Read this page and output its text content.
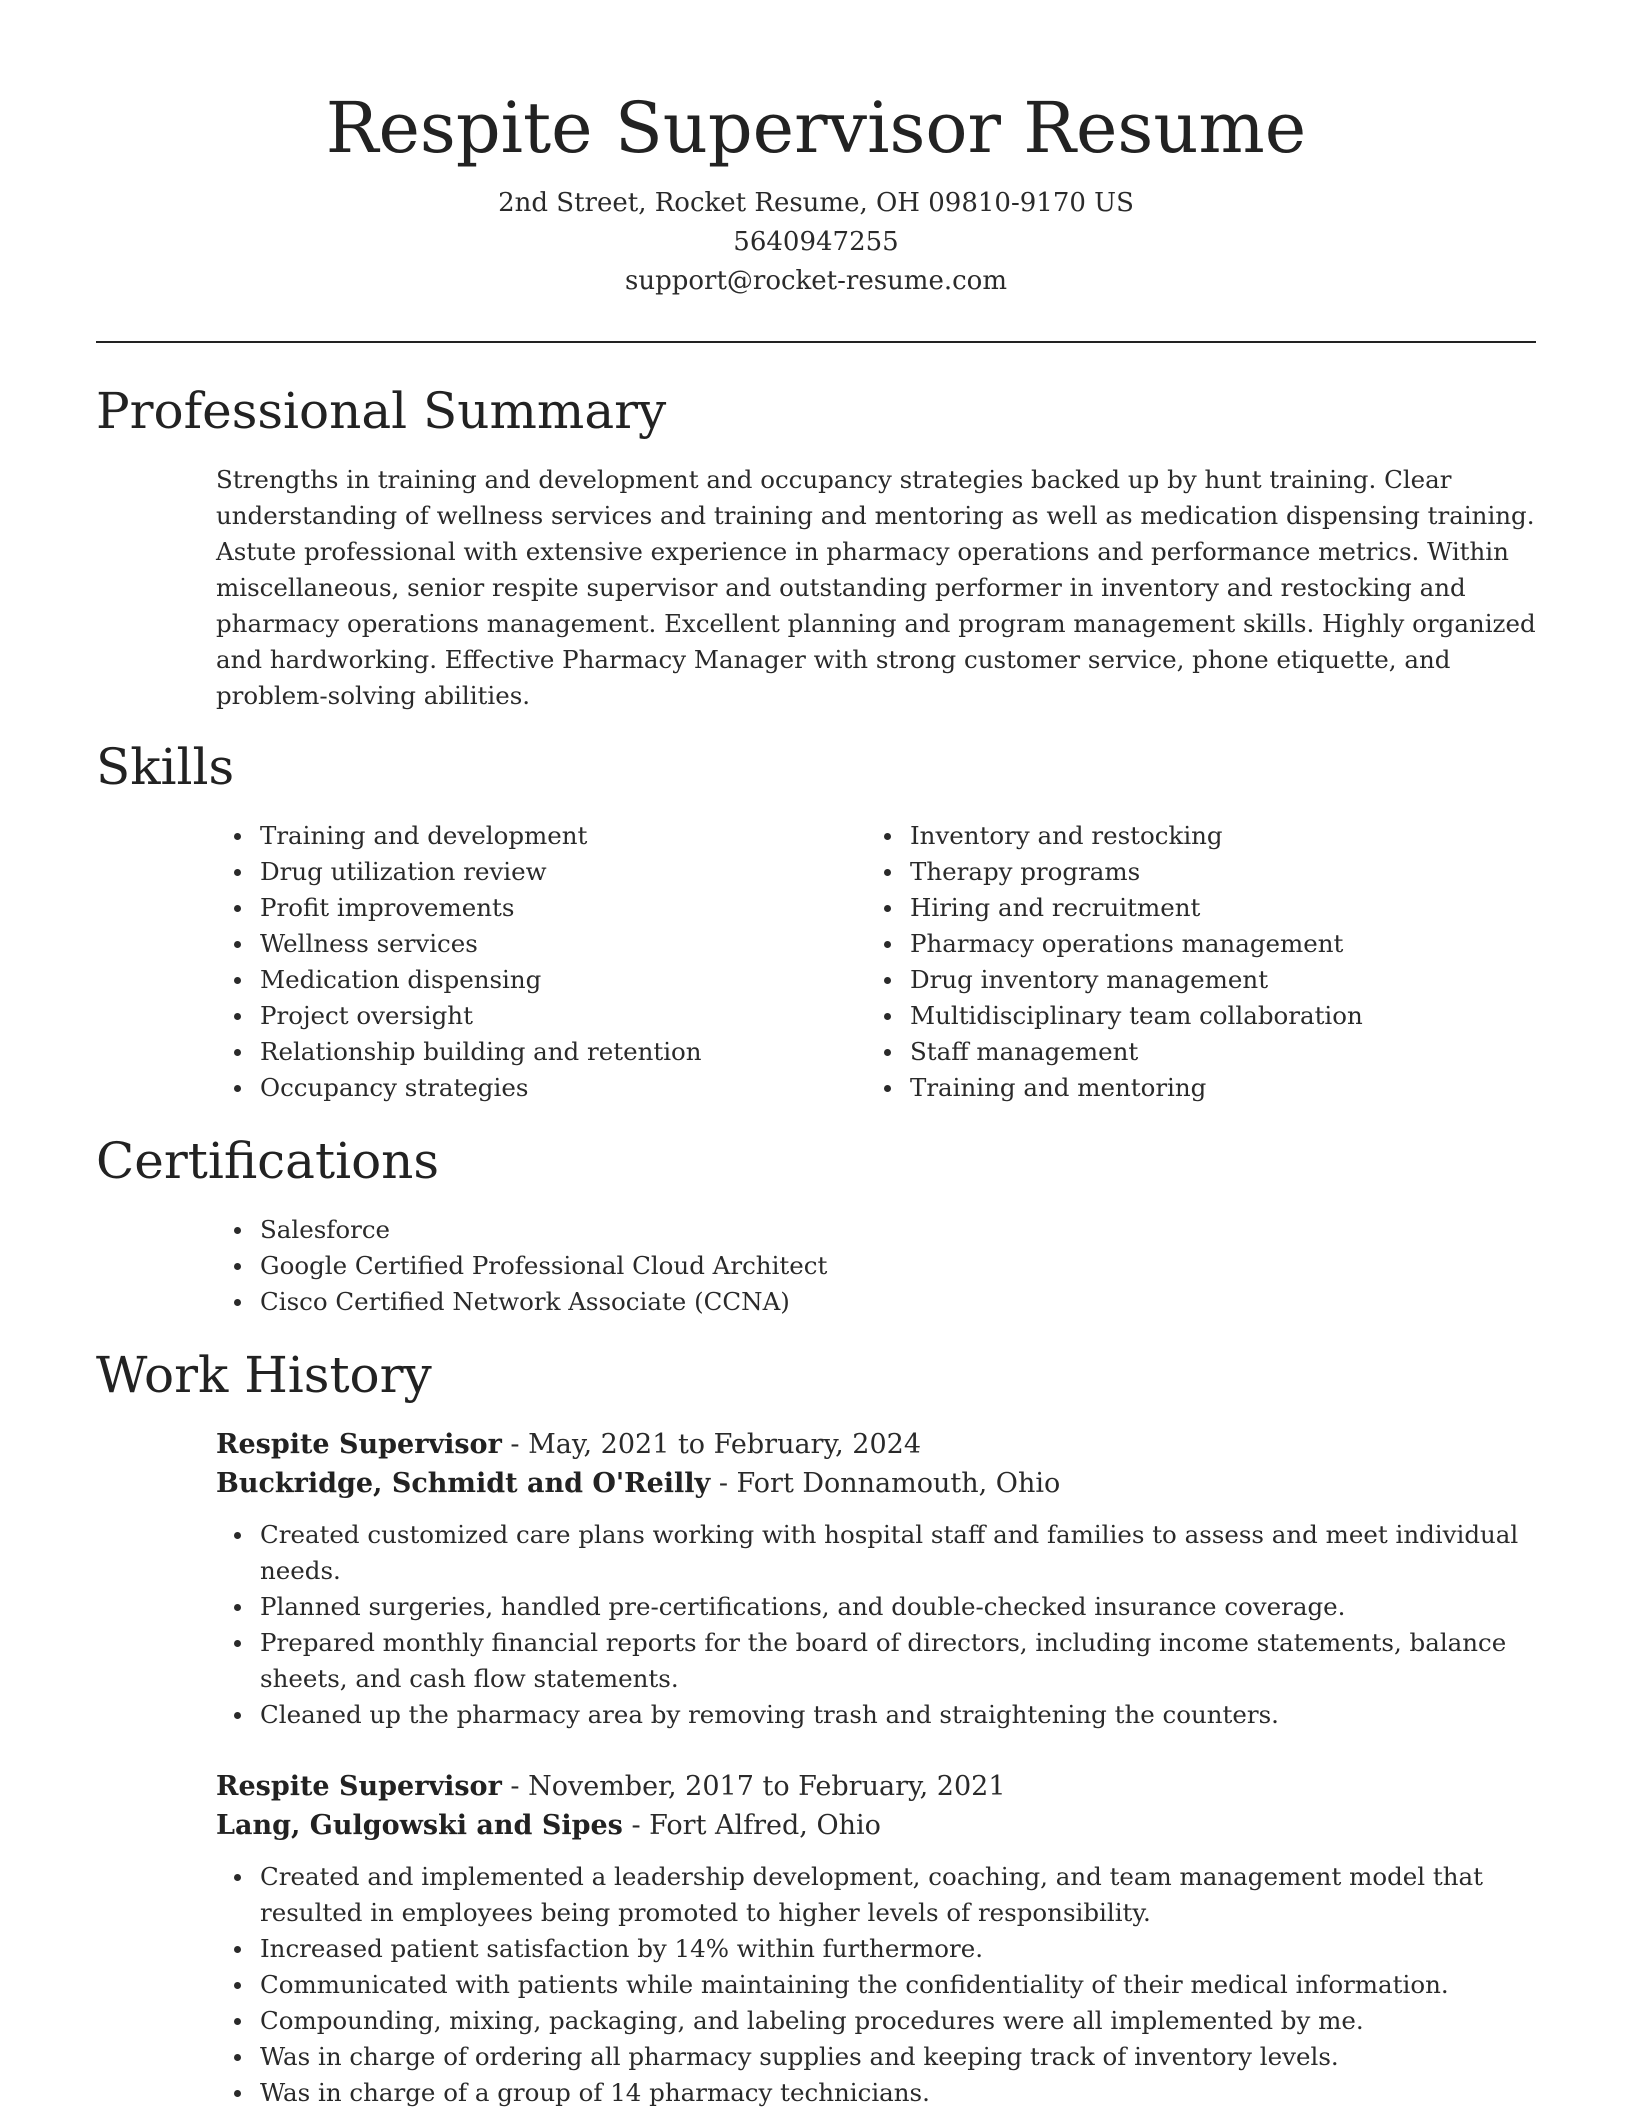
Respite Supervisor Resume
2nd Street, Rocket Resume, OH 09810-9170 US
5640947255
support@rocket-resume.com
Professional Summary

Strengths in training and development and occupancy strategies backed up by hunt training. Clear understanding of wellness services and training and mentoring as well as medication dispensing training. Astute professional with extensive experience in pharmacy operations and performance metrics. Within miscellaneous, senior respite supervisor and outstanding performer in inventory and restocking and pharmacy operations management. Excellent planning and program management skills. Highly organized and hardworking. Effective Pharmacy Manager with strong customer service, phone etiquette, and problem-solving abilities.

Skills
Training and development
Drug utilization review
Profit improvements
Wellness services
Medication dispensing
Project oversight
Relationship building and retention
Occupancy strategies
Inventory and restocking
Therapy programs
Hiring and recruitment
Pharmacy operations management
Drug inventory management
Multidisciplinary team collaboration
Staff management
Training and mentoring
Certifications
Salesforce
Google Certified Professional Cloud Architect
Cisco Certified Network Associate (CCNA)
Work History
Respite Supervisor - May, 2021 to February, 2024
Buckridge, Schmidt and O'Reilly - Fort Donnamouth, Ohio
Created customized care plans working with hospital staff and families to assess and meet individual needs.
Planned surgeries, handled pre-certifications, and double-checked insurance coverage.
Prepared monthly financial reports for the board of directors, including income statements, balance sheets, and cash flow statements.
Cleaned up the pharmacy area by removing trash and straightening the counters.
Respite Supervisor - November, 2017 to February, 2021
Lang, Gulgowski and Sipes - Fort Alfred, Ohio
Created and implemented a leadership development, coaching, and team management model that resulted in employees being promoted to higher levels of responsibility.
Increased patient satisfaction by 14% within furthermore.
Communicated with patients while maintaining the confidentiality of their medical information.
Compounding, mixing, packaging, and labeling procedures were all implemented by me.
Was in charge of ordering all pharmacy supplies and keeping track of inventory levels.
Was in charge of a group of 14 pharmacy technicians.
